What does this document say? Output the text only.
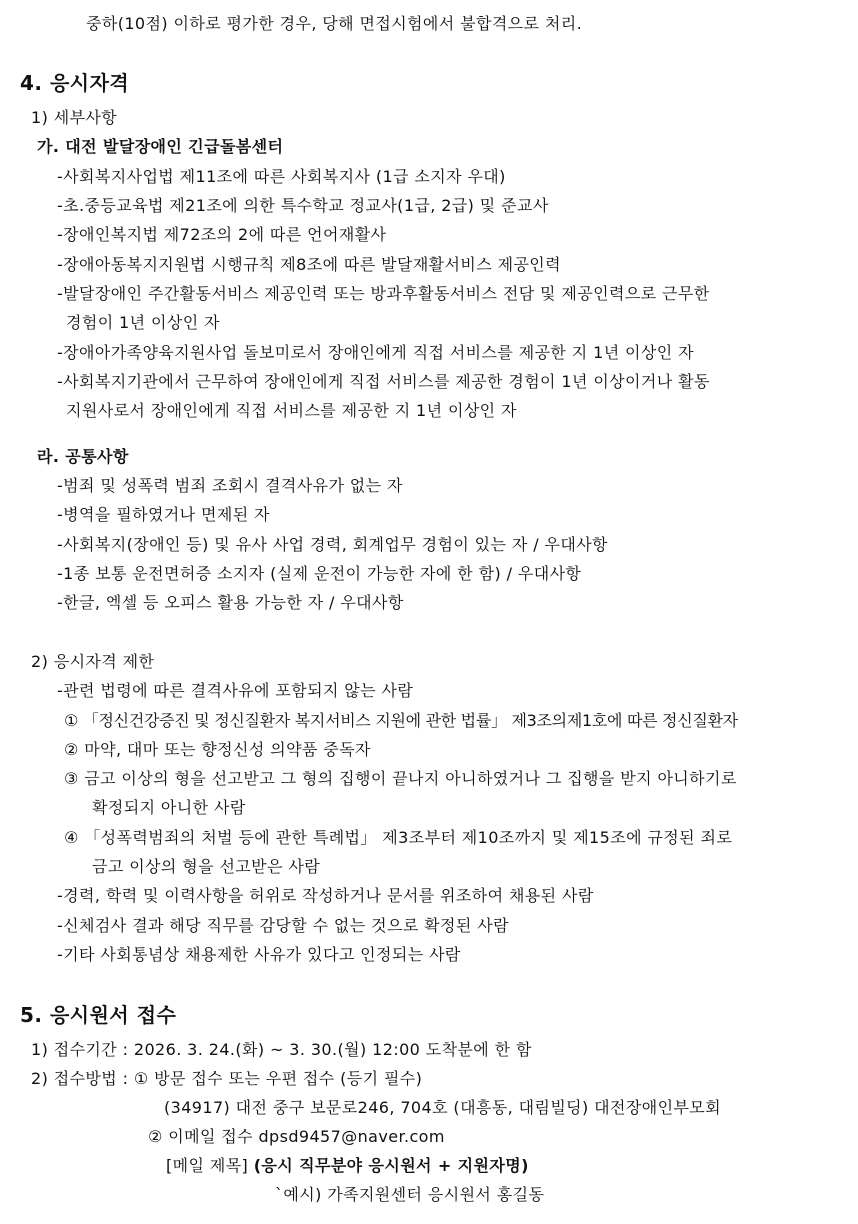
중하(10점) 이하로 평가한 경우, 당해 면접시험에서 불합격으로 처리.

4. 응시자격

1) 세부사항

가. 대전 발달장애인 긴급돌봄센터

-사회복지사업법 제11조에 따른 사회복지사 (1급 소지자 우대)

-초.중등교육법 제21조에 의한 특수학교 정교사(1급, 2급) 및 준교사

-장애인복지법 제72조의 2에 따른 언어재활사

-장애아동복지지원법 시행규칙 제8조에 따른 발달재활서비스 제공인력

-발달장애인 주간활동서비스 제공인력 또는 방과후활동서비스 전담 및 제공인력으로 근무한

경험이 1년 이상인 자

-장애아가족양육지원사업 돌보미로서 장애인에게 직접 서비스를 제공한 지 1년 이상인 자

-사회복지기관에서 근무하여 장애인에게 직접 서비스를 제공한 경험이 1년 이상이거나 활동

지원사로서 장애인에게 직접 서비스를 제공한 지 1년 이상인 자

라. 공통사항

-범죄 및 성폭력 범죄 조회시 결격사유가 없는 자

-병역을 필하였거나 면제된 자

-사회복지(장애인 등) 및 유사 사업 경력, 회계업무 경험이 있는 자 / 우대사항

-1종 보통 운전면허증 소지자 (실제 운전이 가능한 자에 한 함) / 우대사항

-한글, 엑셀 등 오피스 활용 가능한 자 / 우대사항

2) 응시자격 제한

-관련 법령에 따른 결격사유에 포함되지 않는 사람

① 「정신건강증진 및 정신질환자 복지서비스 지원에 관한 법률」 제3조의제1호에 따른 정신질환자

② 마약, 대마 또는 향정신성 의약품 중독자

③ 금고 이상의 형을 선고받고 그 형의 집행이 끝나지 아니하였거나 그 집행을 받지 아니하기로

확정되지 아니한 사람

④ 「성폭력범죄의 처벌 등에 관한 특례법」 제3조부터 제10조까지 및 제15조에 규정된 죄로

금고 이상의 형을 선고받은 사람

-경력, 학력 및 이력사항을 허위로 작성하거나 문서를 위조하여 채용된 사람

-신체검사 결과 해당 직무를 감당할 수 없는 것으로 확정된 사람

-기타 사회통념상 채용제한 사유가 있다고 인정되는 사람

5. 응시원서 접수

1) 접수기간 : 2026. 3. 24.(화) ~ 3. 30.(월) 12:00 도착분에 한 함

2) 접수방법 : ① 방문 접수 또는 우편 접수 (등기 필수)

(34917) 대전 중구 보문로246, 704호 (대흥동, 대림빌딩) 대전장애인부모회

② 이메일 접수 dpsd9457@naver.com

[메일 제목] (응시 직무분야 응시원서 + 지원자명)

`예시) 가족지원센터 응시원서 홍길동
